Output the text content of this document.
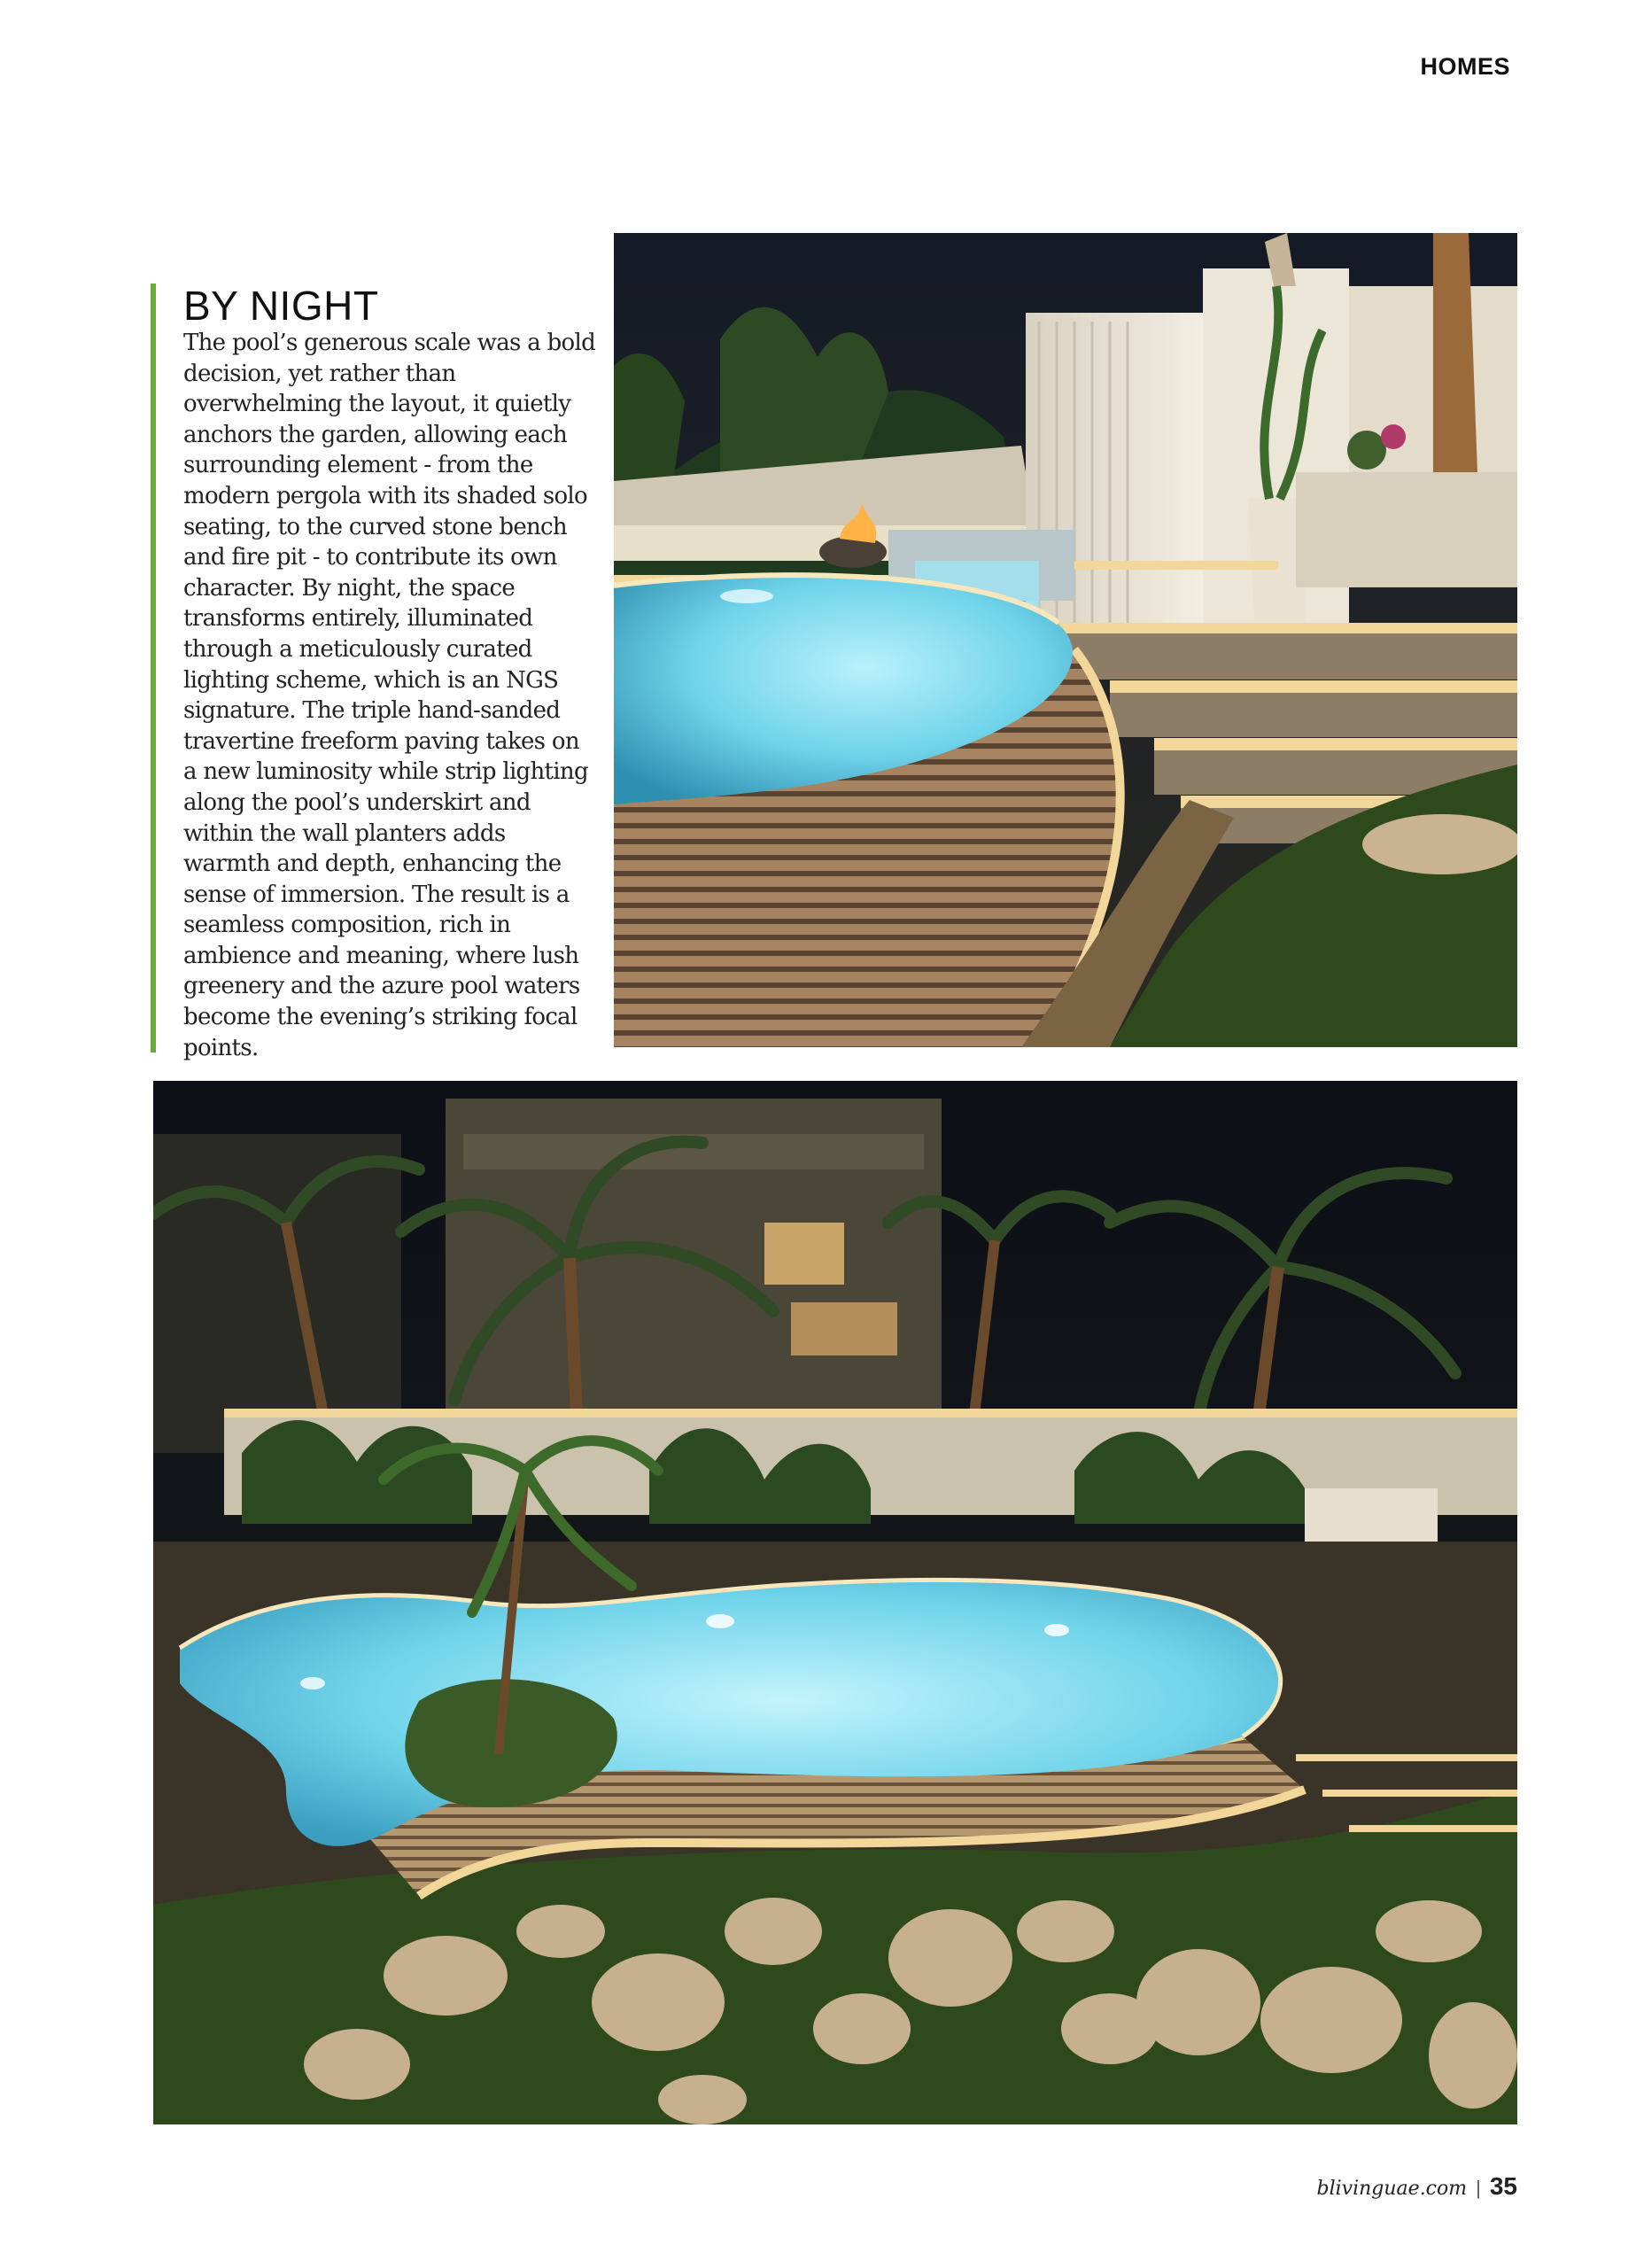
HOMES
BY NIGHT

The pool’s generous scale was a bold decision, yet rather than overwhelming the layout, it quietly anchors the garden, allowing each surrounding element - from the modern pergola with its shaded solo seating, to the curved stone bench and fire pit - to contribute its own character. By night, the space transforms entirely, illuminated through a meticulously curated lighting scheme, which is an NGS signature. The triple hand-sanded travertine freeform paving takes on a new luminosity while strip lighting along the pool’s underskirt and within the wall planters adds warmth and depth, enhancing the sense of immersion. The result is a seamless composition, rich in ambience and meaning, where lush greenery and the azure pool waters become the evening’s striking focal points.

blivinguae.com | 35
